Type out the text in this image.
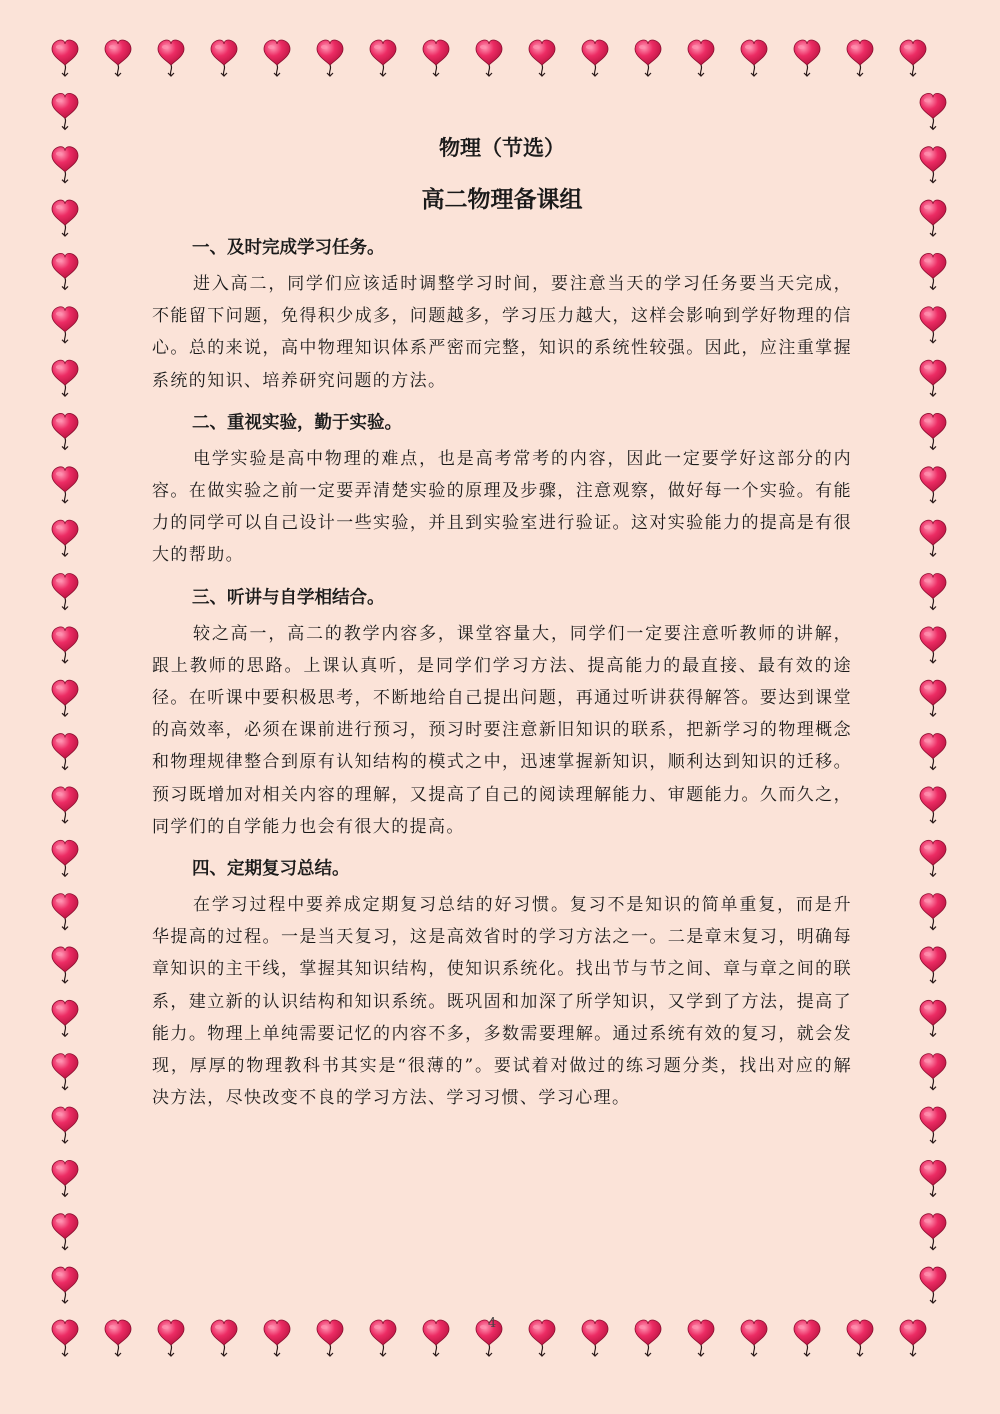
物理（节选）
高二物理备课组
一、及时完成学习任务。

进入高二，同学们应该适时调整学习时间，要注意当天的学习任务要当天完成，不能留下问题，免得积少成多，问题越多，学习压力越大，这样会影响到学好物理的信心。总的来说，高中物理知识体系严密而完整，知识的系统性较强。因此，应注重掌握系统的知识、培养研究问题的方法。

二、重视实验，勤于实验。

电学实验是高中物理的难点，也是高考常考的内容，因此一定要学好这部分的内容。在做实验之前一定要弄清楚实验的原理及步骤，注意观察，做好每一个实验。有能力的同学可以自己设计一些实验，并且到实验室进行验证。这对实验能力的提高是有很大的帮助。

三、听讲与自学相结合。

较之高一，高二的教学内容多，课堂容量大，同学们一定要注意听教师的讲解，跟上教师的思路。上课认真听，是同学们学习方法、提高能力的最直接、最有效的途径。在听课中要积极思考，不断地给自己提出问题，再通过听讲获得解答。要达到课堂的高效率，必须在课前进行预习，预习时要注意新旧知识的联系，把新学习的物理概念和物理规律整合到原有认知结构的模式之中，迅速掌握新知识，顺利达到知识的迁移。预习既增加对相关内容的理解，又提高了自己的阅读理解能力、审题能力。久而久之，同学们的自学能力也会有很大的提高。

四、定期复习总结。

在学习过程中要养成定期复习总结的好习惯。复习不是知识的简单重复，而是升华提高的过程。一是当天复习，这是高效省时的学习方法之一。二是章末复习，明确每章知识的主干线，掌握其知识结构，使知识系统化。找出节与节之间、章与章之间的联系，建立新的认识结构和知识系统。既巩固和加深了所学知识，又学到了方法，提高了能力。物理上单纯需要记忆的内容不多，多数需要理解。通过系统有效的复习，就会发现，厚厚的物理教科书其实是“很薄的”。要试着对做过的练习题分类，找出对应的解决方法，尽快改变不良的学习方法、学习习惯、学习心理。

4
